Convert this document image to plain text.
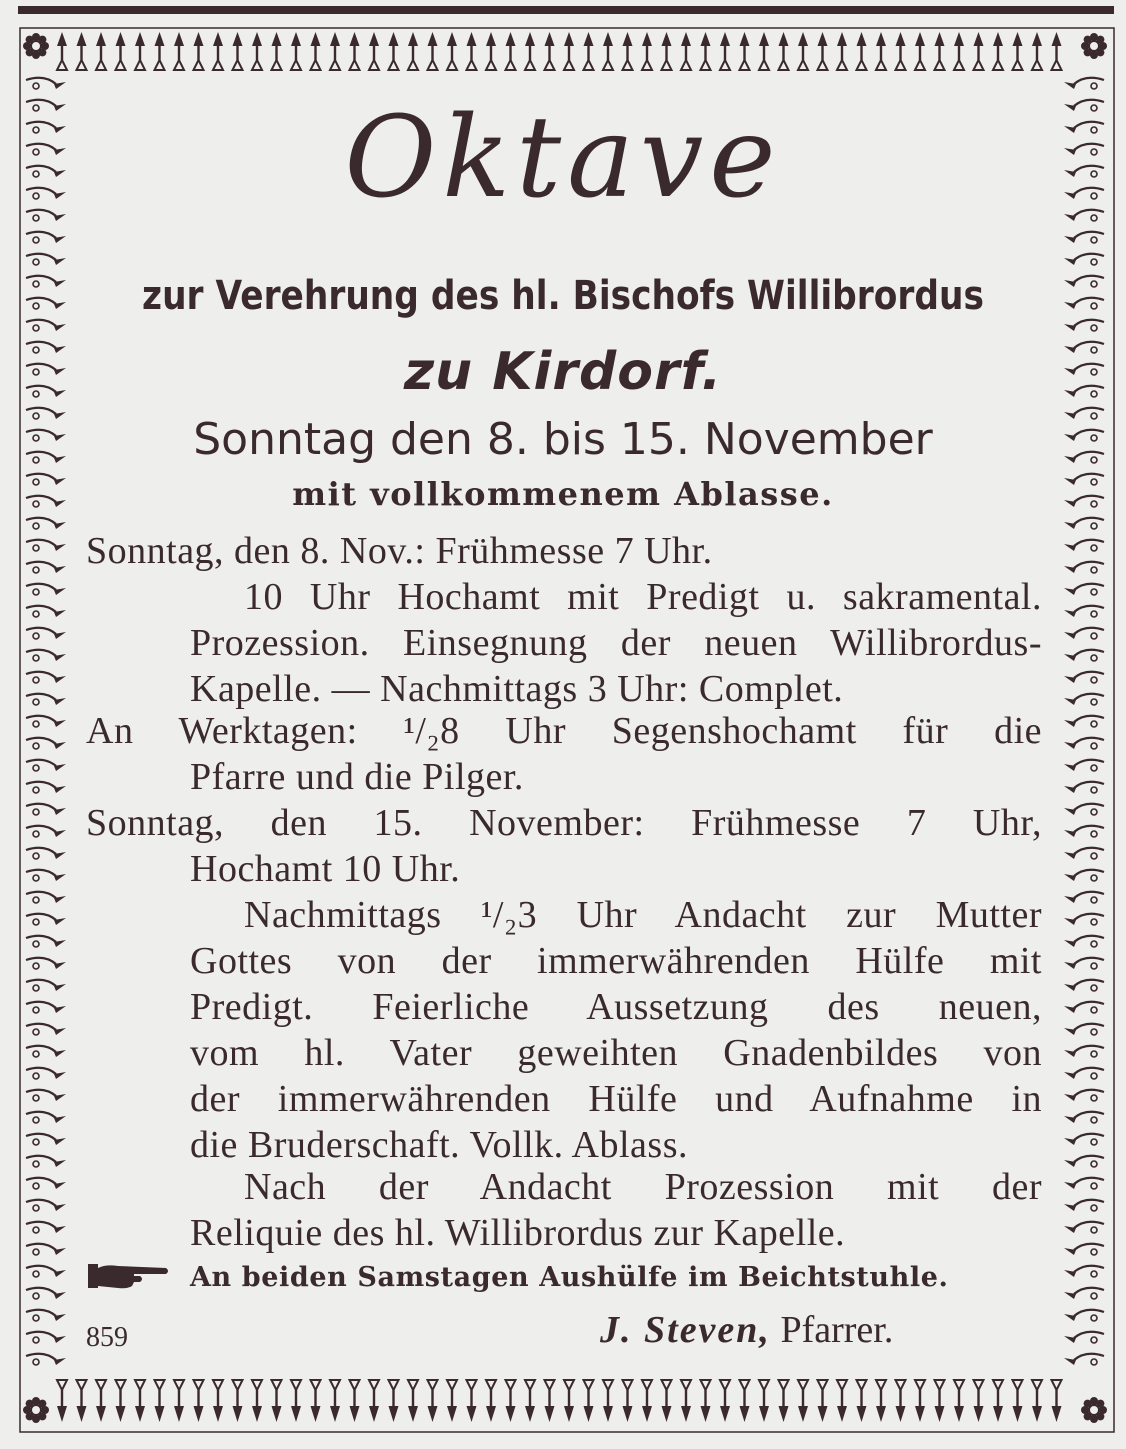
Oktave
zur Verehrung des hl. Bischofs Willibrordus
zu Kirdorf.
Sonntag den 8. bis 15. November
mit vollkommenem Ablasse.
Sonntag, den 8. Nov.: Frühmesse 7 Uhr.
10 Uhr Hochamt mit Predigt u. sakramental.
Prozession. Einsegnung der neuen Willibrordus-
Kapelle. — Nachmittags 3 Uhr: Complet.
An Werktagen: ¹/₂8 Uhr Segenshochamt für die
Pfarre und die Pilger.
Sonntag, den 15. November: Frühmesse 7 Uhr,
Hochamt 10 Uhr.
Nachmittags ¹/₂3 Uhr Andacht zur Mutter
Gottes von der immerwährenden Hülfe mit
Predigt. Feierliche Aussetzung des neuen,
vom hl. Vater geweihten Gnadenbildes von
der immerwährenden Hülfe und Aufnahme in
die Bruderschaft. Vollk. Ablass.
Nach der Andacht Prozession mit der
Reliquie des hl. Willibrordus zur Kapelle.
An beiden Samstagen Aushülfe im Beichtstuhle.
859	J. Steven, Pfarrer.
